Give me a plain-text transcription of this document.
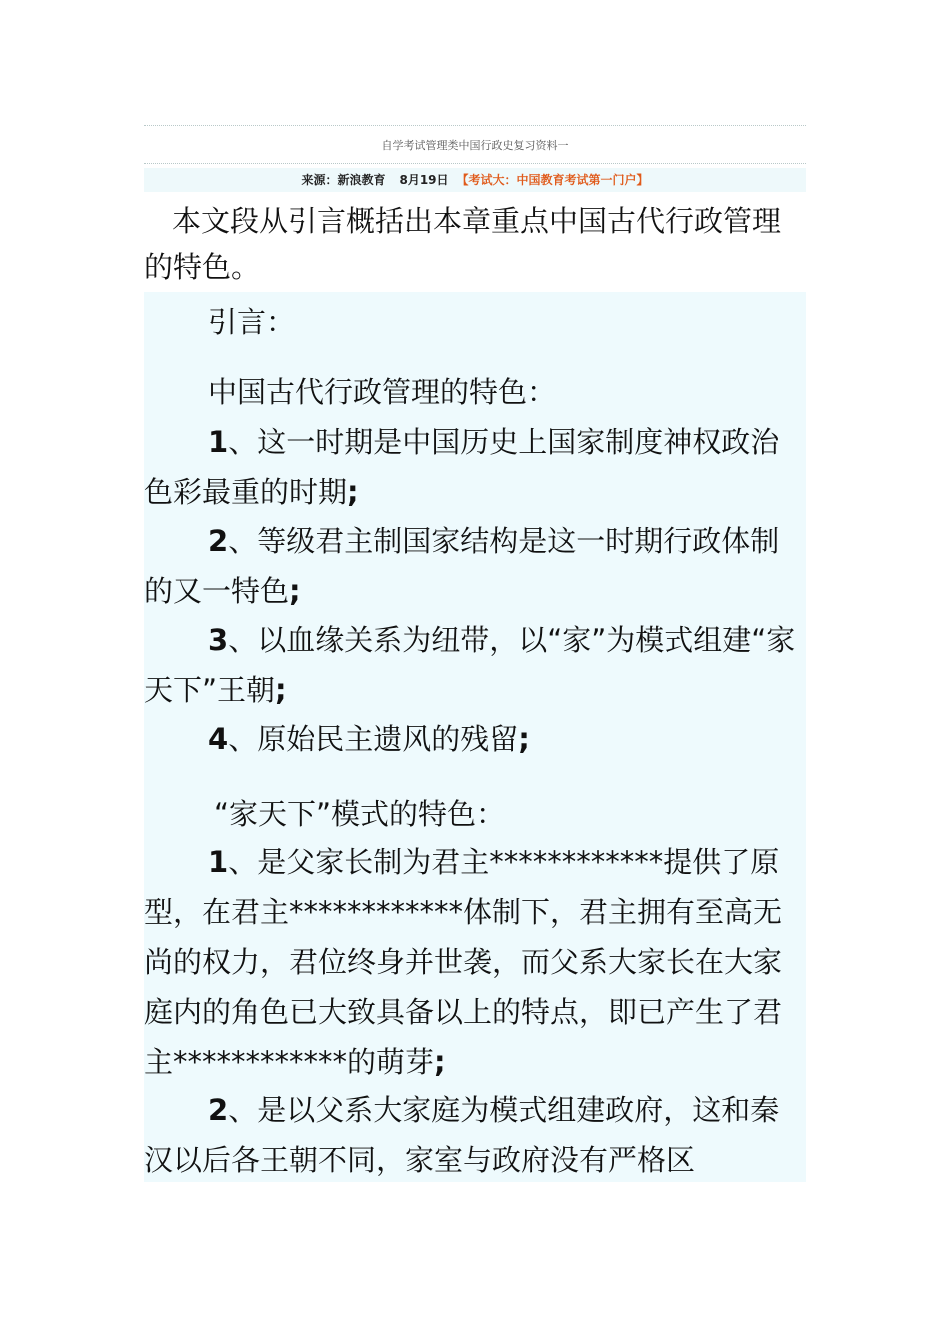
自学考试管理类中国行政史复习资料一
来源：新浪教育 8月19日 【考试大：中国教育考试第一门户】
本文段从引言概括出本章重点中国古代行政管理的特色。
引言：
中国古代行政管理的特色：
1、这一时期是中国历史上国家制度神权政治色彩最重的时期;
2、等级君主制国家结构是这一时期行政体制的又一特色;
3、以血缘关系为纽带，以“家”为模式组建“家天下”王朝;
4、原始民主遗风的残留;
“家天下”模式的特色：
1、是父家长制为君主************提供了原型，在君主************体制下，君主拥有至高无尚的权力，君位终身并世袭，而父系大家长在大家庭内的角色已大致具备以上的特点，即已产生了君主************的萌芽;
2、是以父系大家庭为模式组建政府，这和秦汉以后各王朝不同，家室与政府没有严格区
